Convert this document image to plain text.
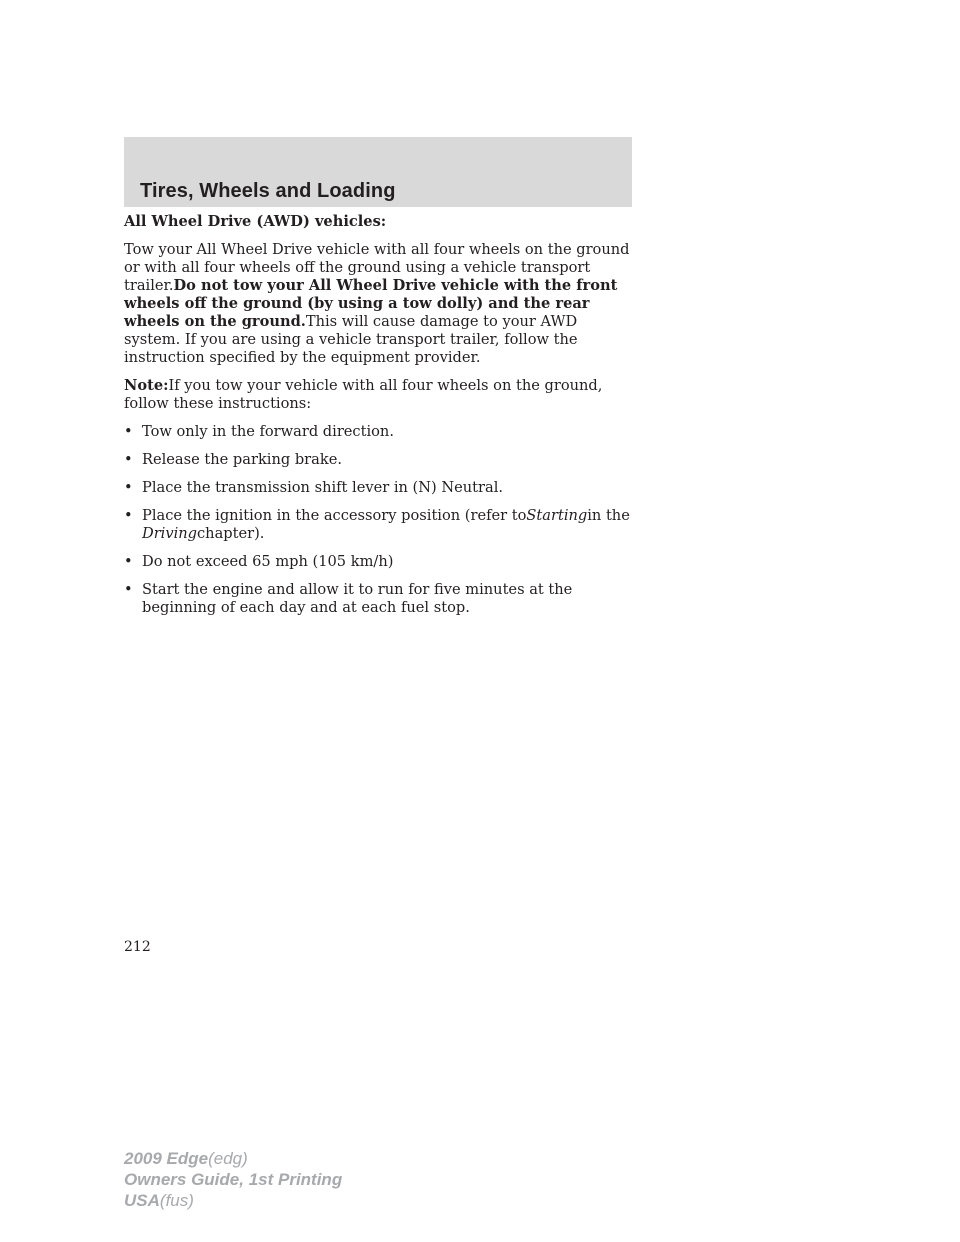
Tires, Wheels and Loading

All Wheel Drive (AWD) vehicles:

Tow your All Wheel Drive vehicle with all four wheels on the ground or with all four wheels off the ground using a vehicle transport trailer.Do not tow your All Wheel Drive vehicle with the front wheels off the ground (by using a tow dolly) and the rear wheels on the ground.This will cause damage to your AWD system. If you are using a vehicle transport trailer, follow the instruction specified by the equipment provider.

Note:If you tow your vehicle with all four wheels on the ground, follow these instructions:

• Tow only in the forward direction.
• Release the parking brake.
• Place the transmission shift lever in (N) Neutral.
• Place the ignition in the accessory position (refer toStartingin the Drivingchapter).
• Do not exceed 65 mph (105 km/h)
• Start the engine and allow it to run for five minutes at the beginning of each day and at each fuel stop.
212
2009 Edge(edg)
Owners Guide, 1st Printing
USA(fus)
